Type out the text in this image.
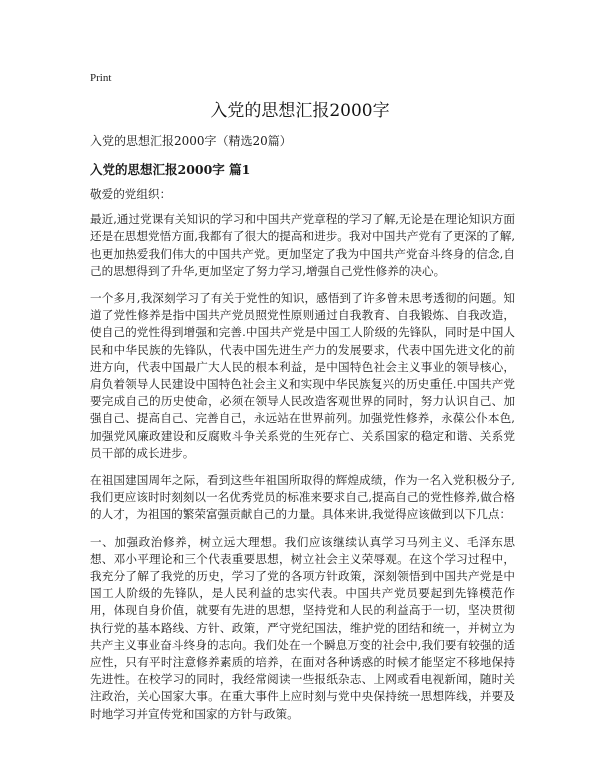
Print
入党的思想汇报2000字

入党的思想汇报2000字（精选20篇）

入党的思想汇报2000字 篇1

敬爱的党组织：

最近,通过党课有关知识的学习和中国共产党章程的学习了解,无论是在理论知识方面还是在思想党悟方面,我都有了很大的提高和进步。我对中国共产党有了更深的了解,也更加热爱我们伟大的中国共产党。更加坚定了我为中国共产党奋斗终身的信念,自己的思想得到了升华,更加坚定了努力学习,增强自己党性修养的决心。

一个多月,我深刻学习了有关于党性的知识，感悟到了许多曾未思考透彻的问题。知道了党性修养是指中国共产党员照党性原则通过自我教育、自我锻炼、自我改造，使自己的党性得到增强和完善.中国共产党是中国工人阶级的先锋队，同时是中国人民和中华民族的先锋队，代表中国先进生产力的发展要求，代表中国先进文化的前进方向，代表中国最广大人民的根本利益，是中国特色社会主义事业的领导核心，肩负着领导人民建设中国特色社会主义和实现中华民族复兴的历史重任.中国共产党要完成自己的历史使命，必须在领导人民改造客观世界的同时，努力认识自己、加强自己、提高自己、完善自己，永远站在世界前列。加强党性修养，永葆公仆本色,加强党风廉政建设和反腐败斗争关系党的生死存亡、关系国家的稳定和谐、关系党员干部的成长进步。

在祖国建国周年之际，看到这些年祖国所取得的辉煌成绩，作为一名入党积极分子,我们更应该时时刻刻以一名优秀党员的标准来要求自己,提高自己的党性修养,做合格的人才，为祖国的繁荣富强贡献自己的力量。具体来讲,我觉得应该做到以下几点：

一、加强政治修养，树立远大理想。我们应该继续认真学习马列主义、毛泽东思想、邓小平理论和三个代表重要思想，树立社会主义荣辱观。在这个学习过程中，我充分了解了我党的历史，学习了党的各项方针政策，深刻领悟到中国共产党是中国工人阶级的先锋队，是人民利益的忠实代表。中国共产党员要起到先锋模范作用，体现自身价值，就要有先进的思想，坚持党和人民的利益高于一切，坚决贯彻执行党的基本路线、方针、政策，严守党纪国法，维护党的团结和统一，并树立为共产主义事业奋斗终身的志向。我们处在一个瞬息万变的社会中,我们要有较强的适应性，只有平时注意修养素质的培养，在面对各种诱惑的时候才能坚定不移地保持先进性。在校学习的同时，我经常阅读一些报纸杂志、上网或看电视新闻，随时关注政治，关心国家大事。在重大事件上应时刻与党中央保持统一思想阵线，并要及时地学习并宣传党和国家的方针与政策。
